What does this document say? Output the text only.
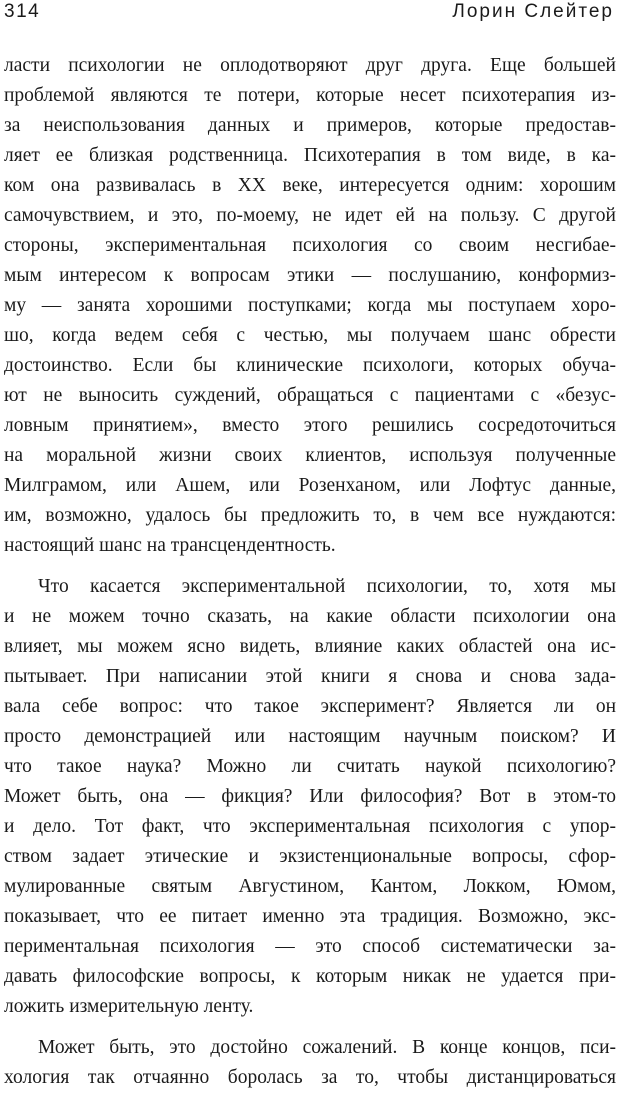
314	Лорин Слейтер
ласти психологии не оплодотворяют друг друга. Еще большей
проблемой являются те потери, которые несет психотерапия из-
за неиспользования данных и примеров, которые предостав-
ляет ее близкая родственница. Психотерапия в том виде, в ка-
ком она развивалась в XX веке, интересуется одним: хорошим
самочувствием, и это, по-моему, не идет ей на пользу. С другой
стороны, экспериментальная психология со своим несгибае-
мым интересом к вопросам этики — послушанию, конформиз-
му — занята хорошими поступками; когда мы поступаем хоро-
шо, когда ведем себя с честью, мы получаем шанс обрести
достоинство. Если бы клинические психологи, которых обуча-
ют не выносить суждений, обращаться с пациентами с «безус-
ловным принятием», вместо этого решились сосредоточиться
на моральной жизни своих клиентов, используя полученные
Милграмом, или Ашем, или Розенханом, или Лофтус данные,
им, возможно, удалось бы предложить то, в чем все нуждаются:
настоящий шанс на трансцендентность.
Что касается экспериментальной психологии, то, хотя мы
и не можем точно сказать, на какие области психологии она
влияет, мы можем ясно видеть, влияние каких областей она ис-
пытывает. При написании этой книги я снова и снова зада-
вала себе вопрос: что такое эксперимент? Является ли он
просто демонстрацией или настоящим научным поиском? И
что такое наука? Можно ли считать наукой психологию?
Может быть, она — фикция? Или философия? Вот в этом-то
и дело. Тот факт, что экспериментальная психология с упор-
ством задает этические и экзистенциональные вопросы, сфор-
мулированные святым Августином, Кантом, Локком, Юмом,
показывает, что ее питает именно эта традиция. Возможно, экс-
периментальная психология — это способ систематически за-
давать философские вопросы, к которым никак не удается при-
ложить измерительную ленту.
Может быть, это достойно сожалений. В конце концов, пси-
хология так отчаянно боролась за то, чтобы дистанцироваться
